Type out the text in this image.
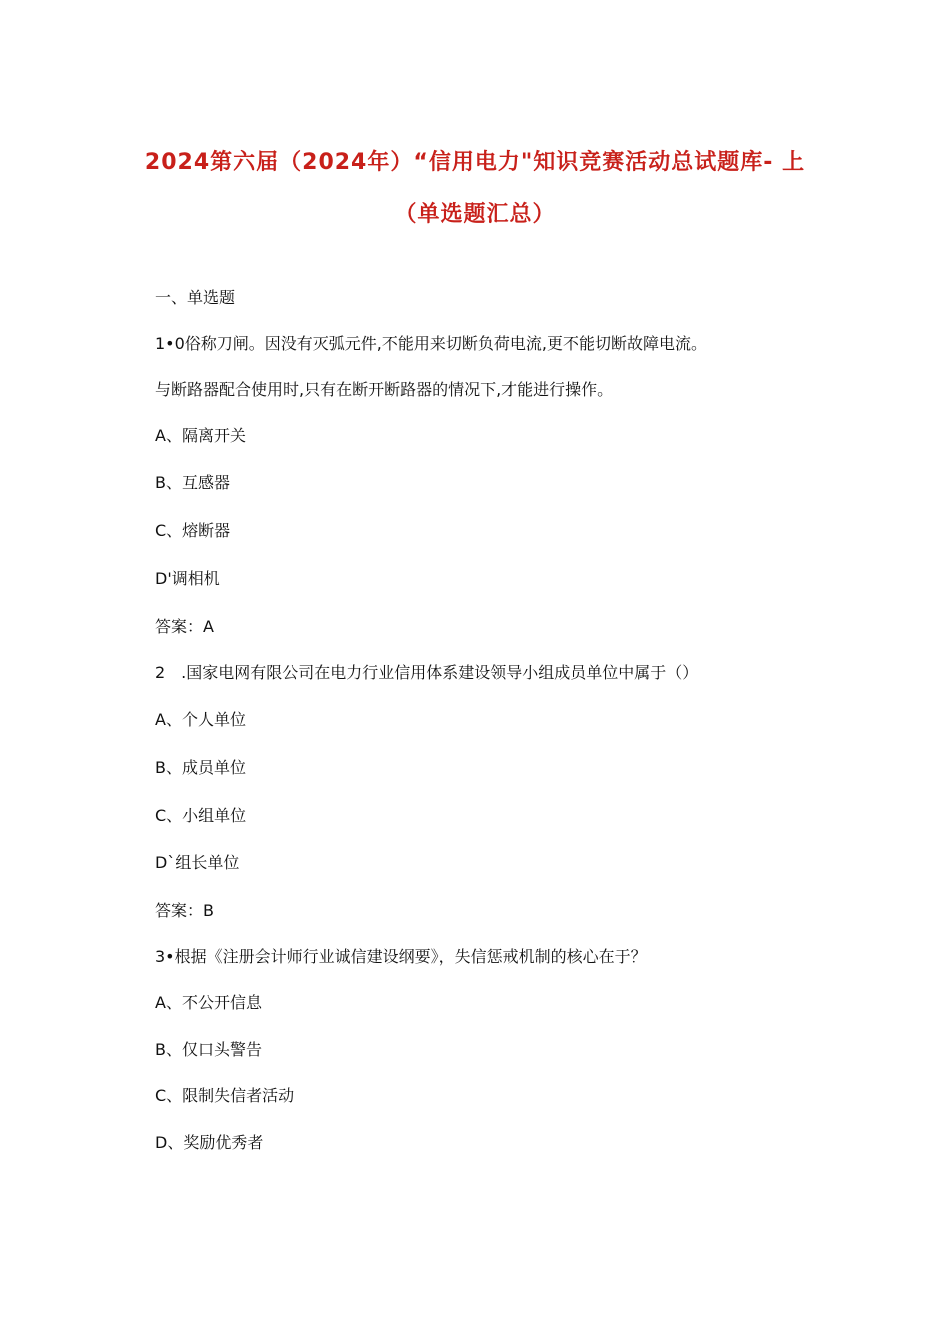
2024第六届（2024年）“信用电力"知识竞赛活动总试题库- 上
（单选题汇总）
一、单选题
1•0俗称刀闸。因没有灭弧元件,不能用来切断负荷电流,更不能切断故障电流。
与断路器配合使用时,只有在断开断路器的情况下,才能进行操作。
A、隔离开关
B、互感器
C、熔断器
D'调相机
答案：A
2　.国家电网有限公司在电力行业信用体系建设领导小组成员单位中属于（）
A、个人单位
B、成员单位
C、小组单位
D`组长单位
答案：B
3•根据《注册会计师行业诚信建设纲要》，失信惩戒机制的核心在于？
A、不公开信息
B、仅口头警告
C、限制失信者活动
D、奖励优秀者
